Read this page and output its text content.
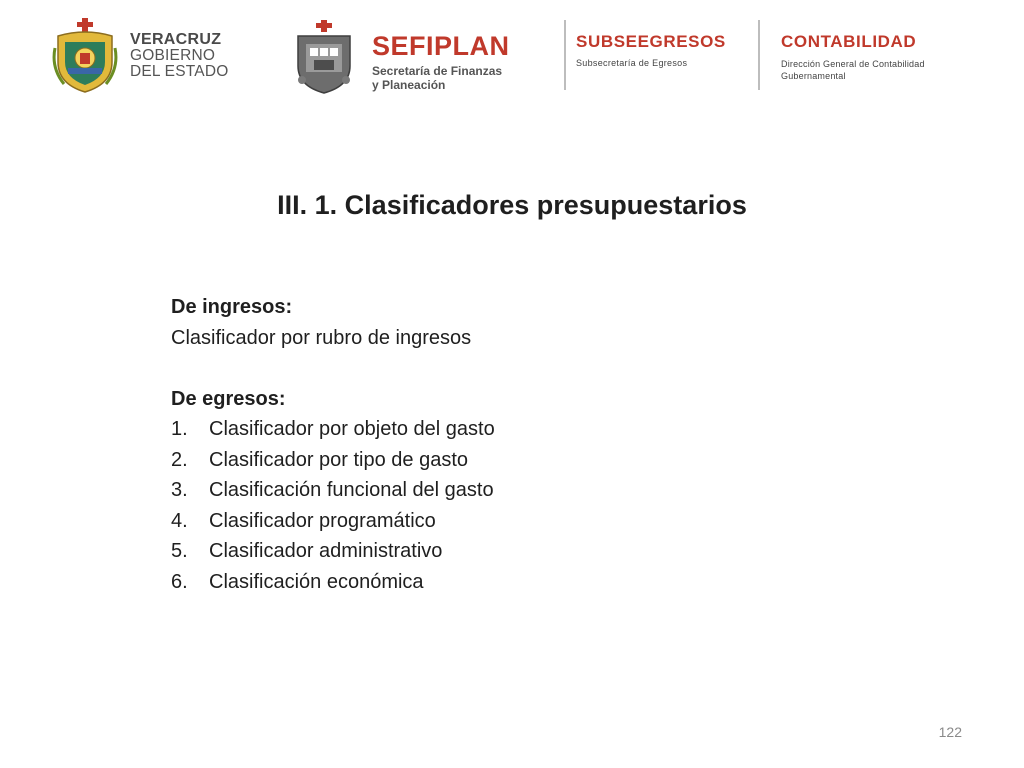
VERACRUZ
GOBIERNO
DEL ESTADO
SEFIPLAN
Secretaría de Finanzas
y Planeación
SUBSEEGRESOS
Subsecretaría de Egresos
CONTABILIDAD
Dirección General de Contabilidad
Gubernamental
III. 1. Clasificadores presupuestarios
De ingresos:
Clasificador por rubro de ingresos
De egresos:
1. Clasificador por objeto del gasto
2. Clasificador por tipo de gasto
3. Clasificación funcional del gasto
4. Clasificador programático
5. Clasificador administrativo
6. Clasificación económica
122
